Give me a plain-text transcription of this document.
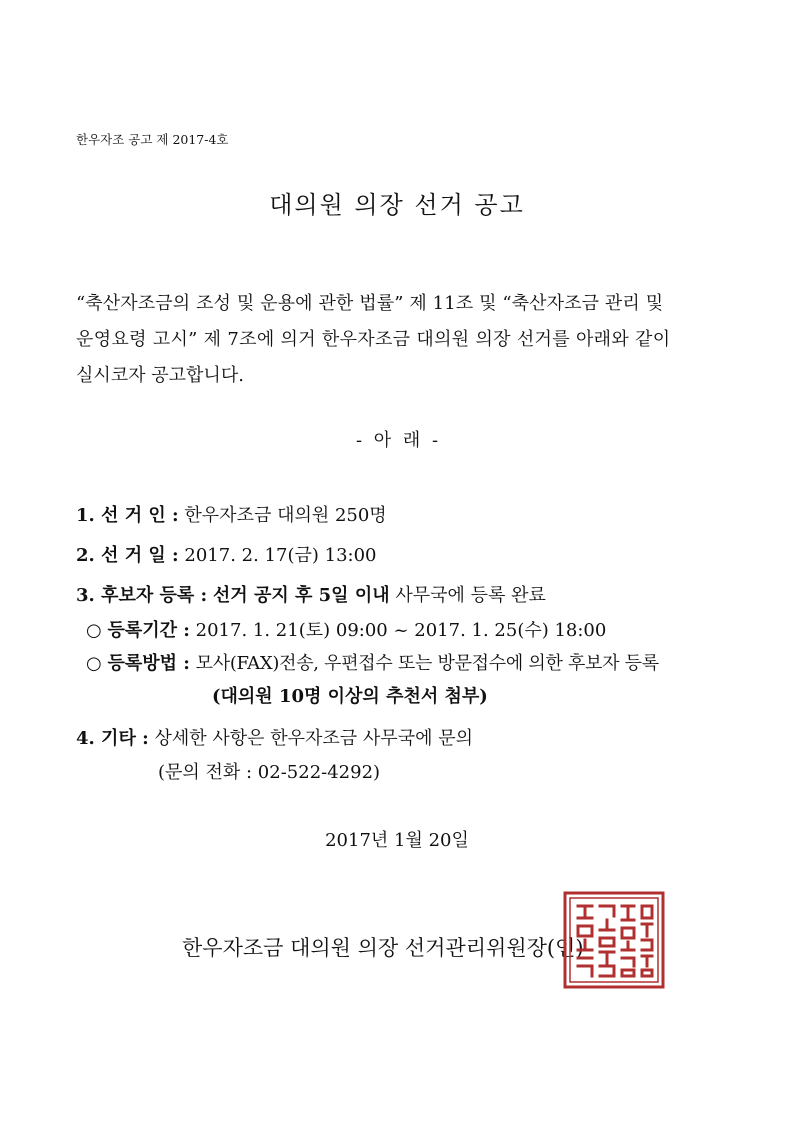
한우자조 공고 제 2017-4호
대의원 의장 선거 공고
“축산자조금의 조성 및 운용에 관한 법률” 제 11조 및 “축산자조금 관리 및
운영요령 고시” 제 7조에 의거 한우자조금 대의원 의장 선거를 아래와 같이
실시코자 공고합니다.
- 아 래 -
1. 선 거 인 : 한우자조금 대의원 250명
2. 선 거 일 : 2017. 2. 17(금) 13:00
3. 후보자 등록 : 선거 공지 후 5일 이내 사무국에 등록 완료
○ 등록기간 : 2017. 1. 21(토) 09:00 ~ 2017. 1. 25(수) 18:00
○ 등록방법 : 모사(FAX)전송, 우편접수 또는 방문접수에 의한 후보자 등록
(대의원 10명 이상의 추천서 첨부)
4. 기타 : 상세한 사항은 한우자조금 사무국에 문의
(문의 전화 : 02-522-4292)
2017년 1월 20일
한우자조금 대의원 의장 선거관리위원장(인)
